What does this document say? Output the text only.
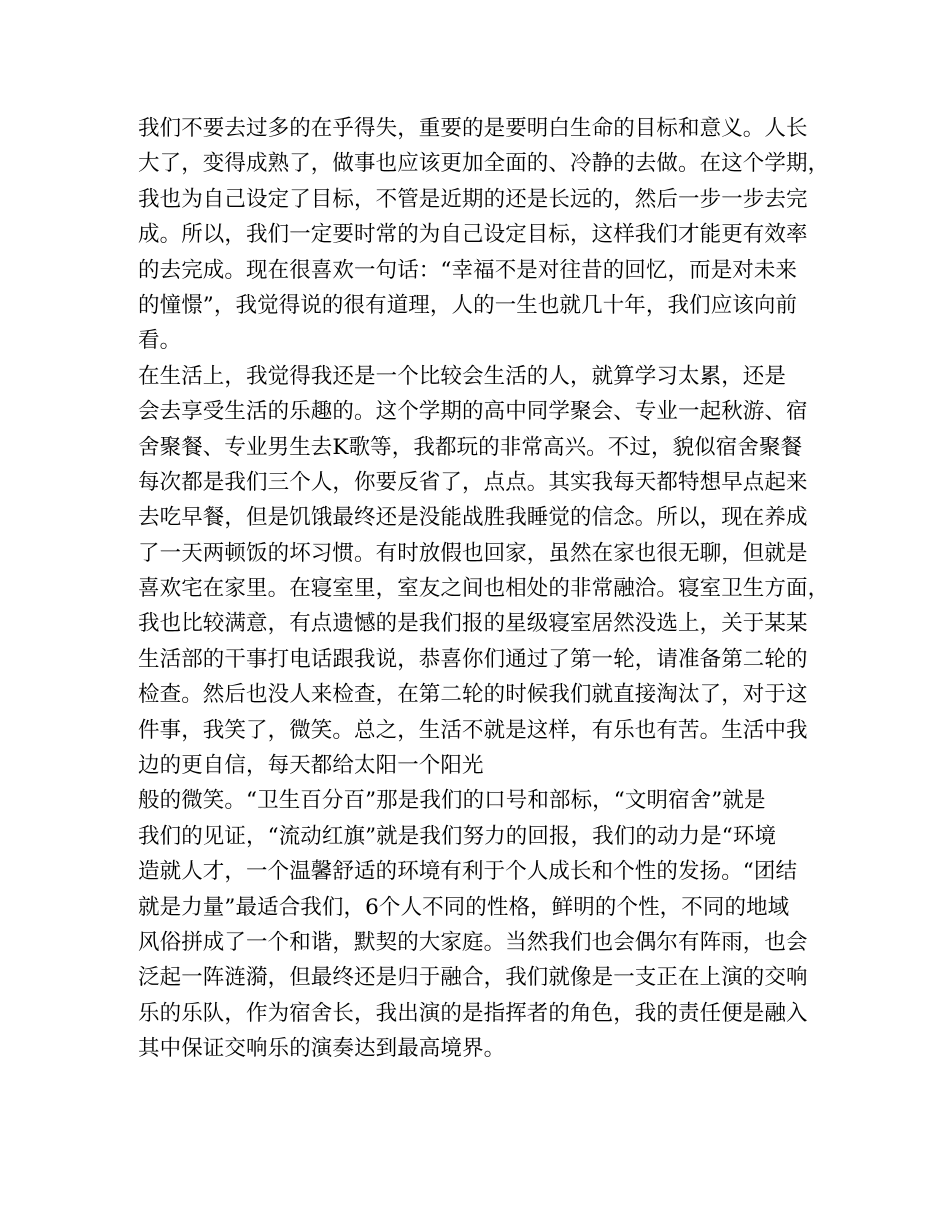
我们不要去过多的在乎得失，重要的是要明白生命的目标和意义。人长
大了，变得成熟了，做事也应该更加全面的、冷静的去做。在这个学期，
我也为自己设定了目标，不管是近期的还是长远的，然后一步一步去完
成。所以，我们一定要时常的为自己设定目标，这样我们才能更有效率
的去完成。现在很喜欢一句话：“幸福不是对往昔的回忆，而是对未来
的憧憬”，我觉得说的很有道理，人的一生也就几十年，我们应该向前
看。
在生活上，我觉得我还是一个比较会生活的人，就算学习太累，还是
会去享受生活的乐趣的。这个学期的高中同学聚会、专业一起秋游、宿
舍聚餐、专业男生去K歌等，我都玩的非常高兴。不过，貌似宿舍聚餐
每次都是我们三个人，你要反省了，点点。其实我每天都特想早点起来
去吃早餐，但是饥饿最终还是没能战胜我睡觉的信念。所以，现在养成
了一天两顿饭的坏习惯。有时放假也回家，虽然在家也很无聊，但就是
喜欢宅在家里。在寝室里，室友之间也相处的非常融洽。寝室卫生方面，
我也比较满意，有点遗憾的是我们报的星级寝室居然没选上，关于某某
生活部的干事打电话跟我说，恭喜你们通过了第一轮，请准备第二轮的
检查。然后也没人来检查，在第二轮的时候我们就直接淘汰了，对于这
件事，我笑了，微笑。总之，生活不就是这样，有乐也有苦。生活中我
边的更自信，每天都给太阳一个阳光
般的微笑。“卫生百分百”那是我们的口号和部标，“文明宿舍”就是
我们的见证，“流动红旗”就是我们努力的回报，我们的动力是“环境
造就人才，一个温馨舒适的环境有利于个人成长和个性的发扬。“团结
就是力量”最适合我们，6个人不同的性格，鲜明的个性，不同的地域
风俗拼成了一个和谐，默契的大家庭。当然我们也会偶尔有阵雨，也会
泛起一阵涟漪，但最终还是归于融合，我们就像是一支正在上演的交响
乐的乐队，作为宿舍长，我出演的是指挥者的角色，我的责任便是融入
其中保证交响乐的演奏达到最高境界。
